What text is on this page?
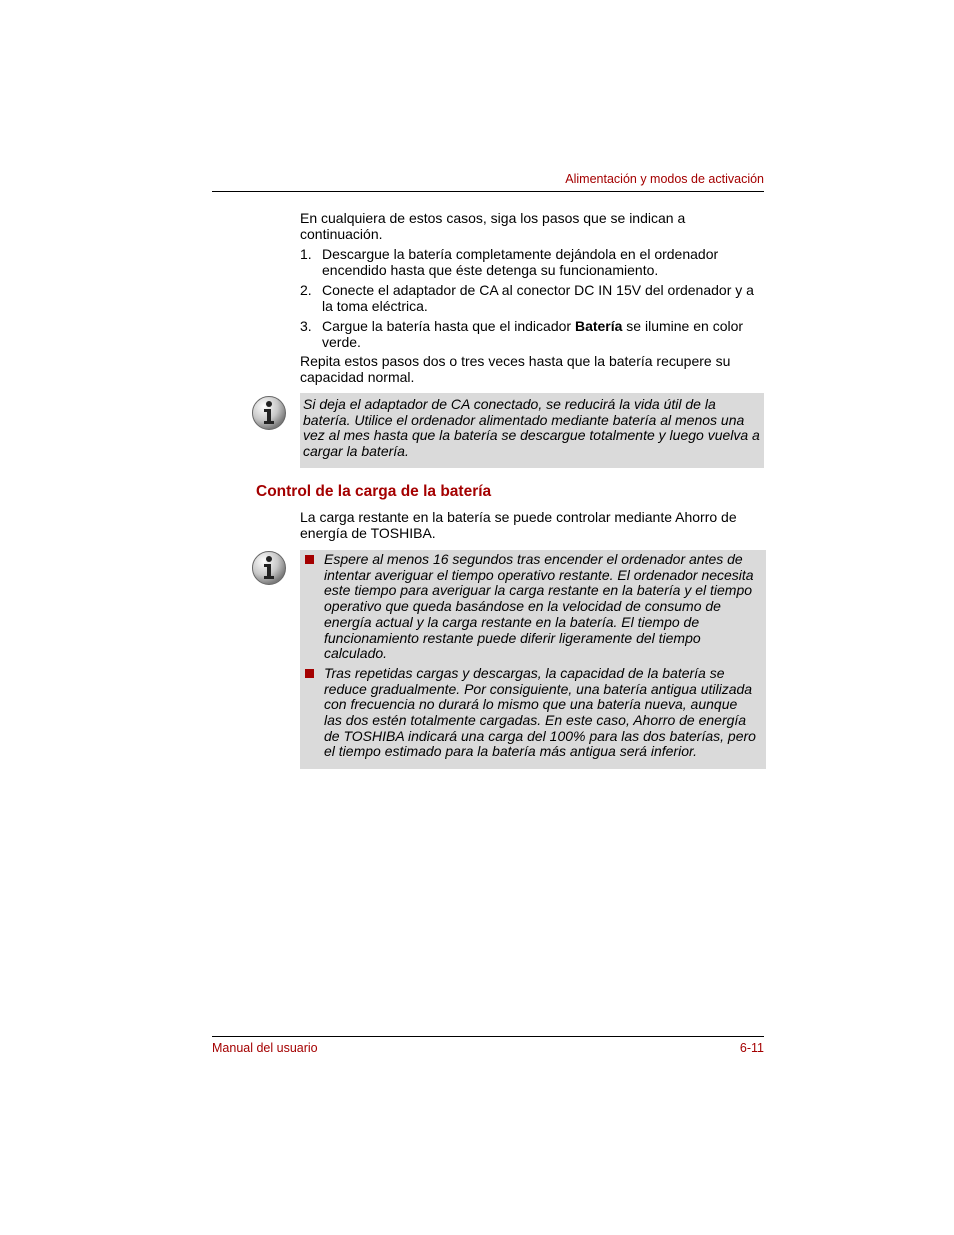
Alimentación y modos de activación
En cualquiera de estos casos, siga los pasos que se indican a continuación.
1. Descargue la batería completamente dejándola en el ordenador encendido hasta que éste detenga su funcionamiento.
2. Conecte el adaptador de CA al conector DC IN 15V del ordenador y a la toma eléctrica.
3. Cargue la batería hasta que el indicador Batería se ilumine en color verde.
Repita estos pasos dos o tres veces hasta que la batería recupere su capacidad normal.
Si deja el adaptador de CA conectado, se reducirá la vida útil de la batería. Utilice el ordenador alimentado mediante batería al menos una vez al mes hasta que la batería se descargue totalmente y luego vuelva a cargar la batería.
Control de la carga de la batería
La carga restante en la batería se puede controlar mediante Ahorro de energía de TOSHIBA.
Espere al menos 16 segundos tras encender el ordenador antes de intentar averiguar el tiempo operativo restante. El ordenador necesita este tiempo para averiguar la carga restante en la batería y el tiempo operativo que queda basándose en la velocidad de consumo de energía actual y la carga restante en la batería. El tiempo de funcionamiento restante puede diferir ligeramente del tiempo calculado.
Tras repetidas cargas y descargas, la capacidad de la batería se reduce gradualmente. Por consiguiente, una batería antigua utilizada con frecuencia no durará lo mismo que una batería nueva, aunque las dos estén totalmente cargadas. En este caso, Ahorro de energía de TOSHIBA indicará una carga del 100% para las dos baterías, pero el tiempo estimado para la batería más antigua será inferior.
Manual del usuario	6-11
